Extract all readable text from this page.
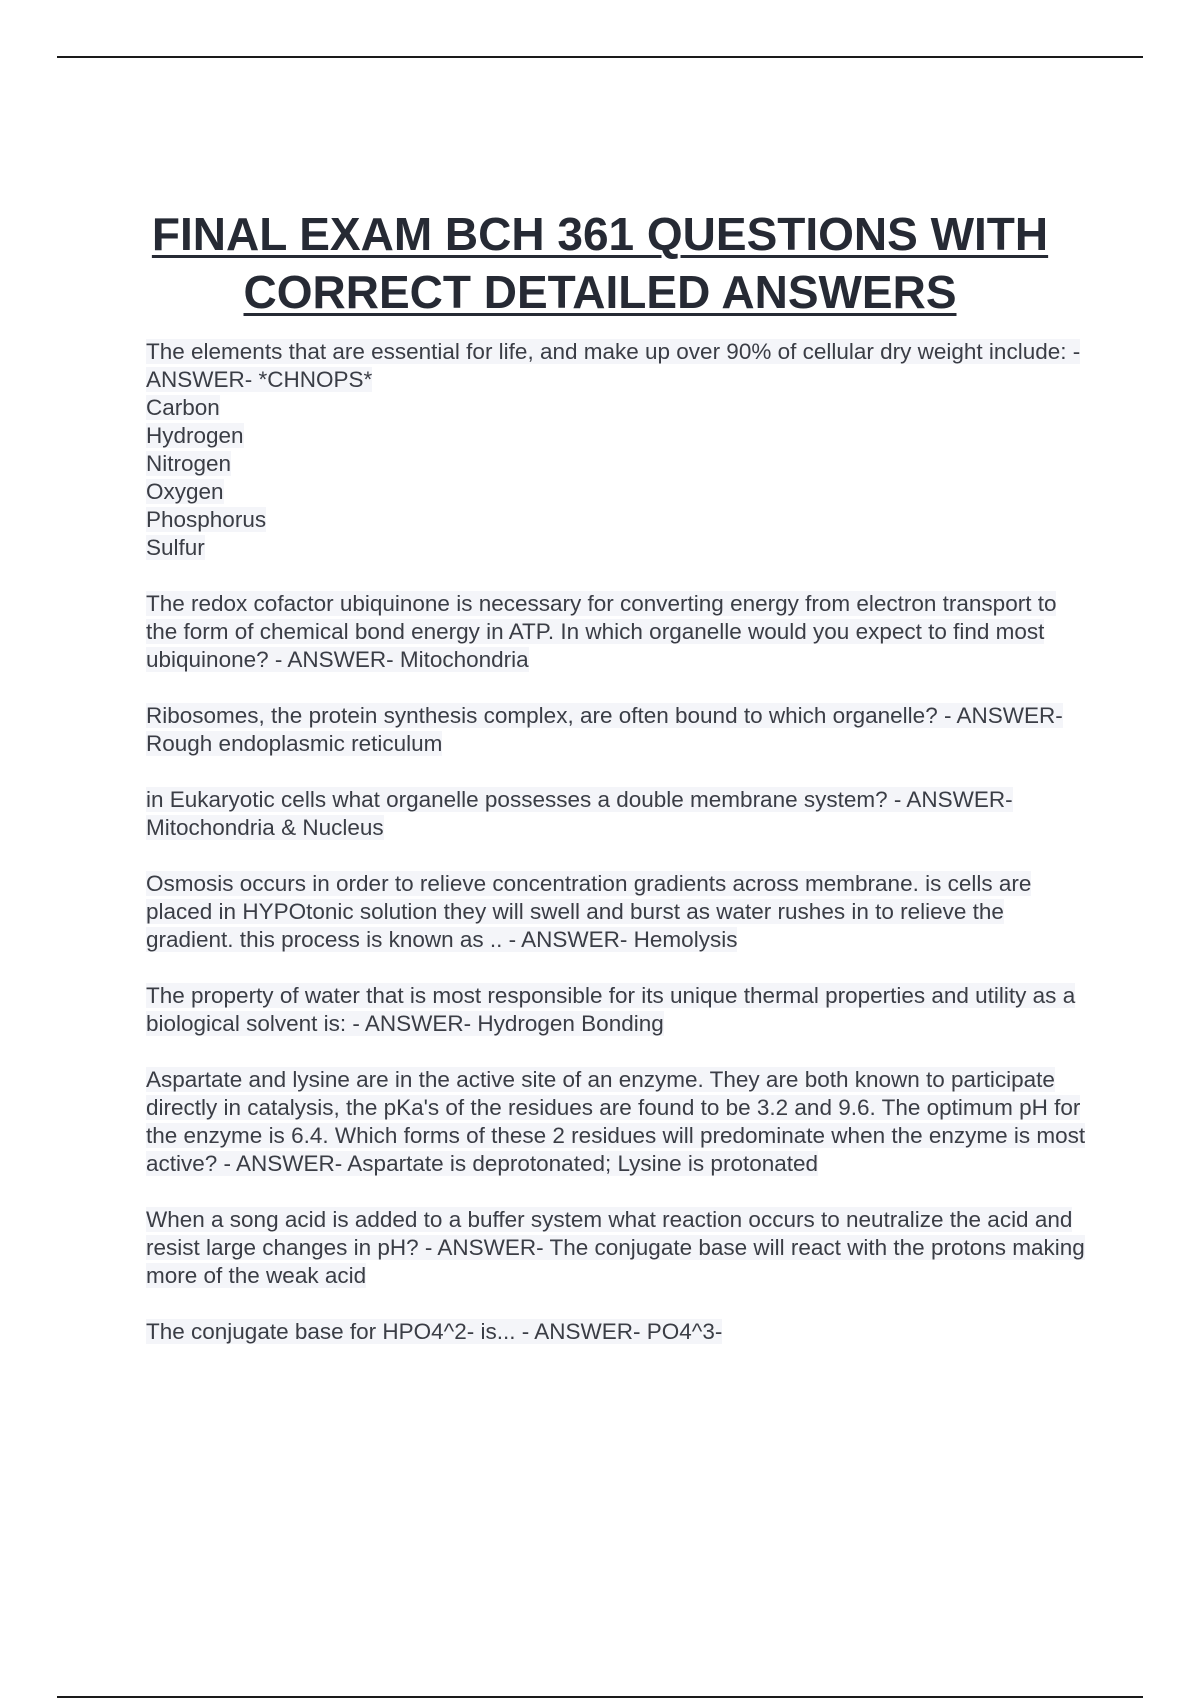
FINAL EXAM BCH 361 QUESTIONS WITH CORRECT DETAILED ANSWERS

The elements that are essential for life, and make up over 90% of cellular dry weight include: - ANSWER- *CHNOPS*
Carbon
Hydrogen
Nitrogen
Oxygen
Phosphorus
Sulfur

The redox cofactor ubiquinone is necessary for converting energy from electron transport to the form of chemical bond energy in ATP. In which organelle would you expect to find most ubiquinone? - ANSWER- Mitochondria

Ribosomes, the protein synthesis complex, are often bound to which organelle? - ANSWER- Rough endoplasmic reticulum

in Eukaryotic cells what organelle possesses a double membrane system? - ANSWER- Mitochondria & Nucleus

Osmosis occurs in order to relieve concentration gradients across membrane. is cells are placed in HYPOtonic solution they will swell and burst as water rushes in to relieve the gradient. this process is known as .. - ANSWER- Hemolysis

The property of water that is most responsible for its unique thermal properties and utility as a biological solvent is: - ANSWER- Hydrogen Bonding

Aspartate and lysine are in the active site of an enzyme. They are both known to participate directly in catalysis, the pKa's of the residues are found to be 3.2 and 9.6. The optimum pH for the enzyme is 6.4. Which forms of these 2 residues will predominate when the enzyme is most active? - ANSWER- Aspartate is deprotonated; Lysine is protonated

When a song acid is added to a buffer system what reaction occurs to neutralize the acid and resist large changes in pH? - ANSWER- The conjugate base will react with the protons making more of the weak acid

The conjugate base for HPO4^2- is... - ANSWER- PO4^3-
